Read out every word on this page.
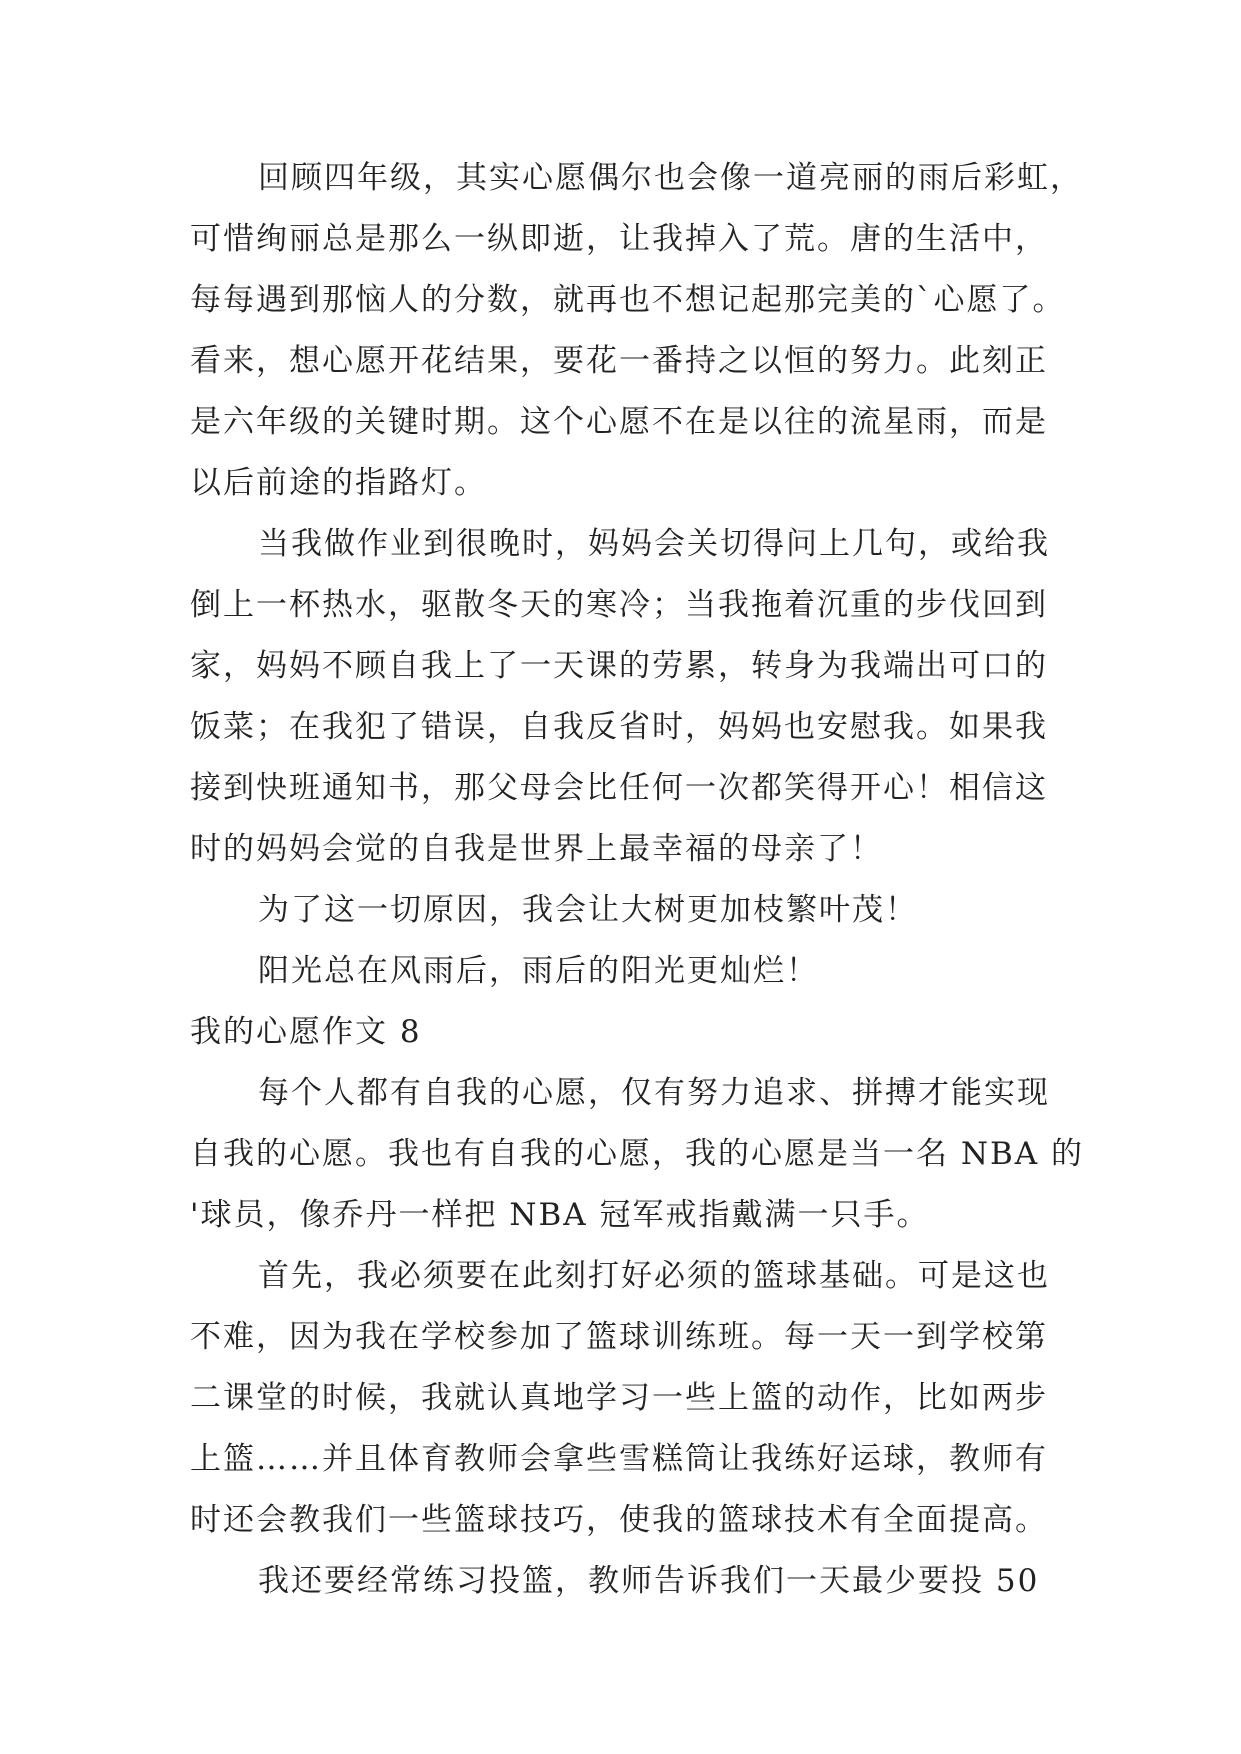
回顾四年级，其实心愿偶尔也会像一道亮丽的雨后彩虹，
可惜绚丽总是那么一纵即逝，让我掉入了荒。唐的生活中，
每每遇到那恼人的分数，就再也不想记起那完美的`心愿了。
看来，想心愿开花结果，要花一番持之以恒的努力。此刻正
是六年级的关键时期。这个心愿不在是以往的流星雨，而是
以后前途的指路灯。
当我做作业到很晚时，妈妈会关切得问上几句，或给我
倒上一杯热水，驱散冬天的寒冷；当我拖着沉重的步伐回到
家，妈妈不顾自我上了一天课的劳累，转身为我端出可口的
饭菜；在我犯了错误，自我反省时，妈妈也安慰我。如果我
接到快班通知书，那父母会比任何一次都笑得开心！相信这
时的妈妈会觉的自我是世界上最幸福的母亲了！
为了这一切原因，我会让大树更加枝繁叶茂！
阳光总在风雨后，雨后的阳光更灿烂！
我的心愿作文 8
每个人都有自我的心愿，仅有努力追求、拼搏才能实现
自我的心愿。我也有自我的心愿，我的心愿是当一名 NBA 的
'球员，像乔丹一样把 NBA 冠军戒指戴满一只手。
首先，我必须要在此刻打好必须的篮球基础。可是这也
不难，因为我在学校参加了篮球训练班。每一天一到学校第
二课堂的时候，我就认真地学习一些上篮的动作，比如两步
上篮……并且体育教师会拿些雪糕筒让我练好运球，教师有
时还会教我们一些篮球技巧，使我的篮球技术有全面提高。
我还要经常练习投篮，教师告诉我们一天最少要投 50
